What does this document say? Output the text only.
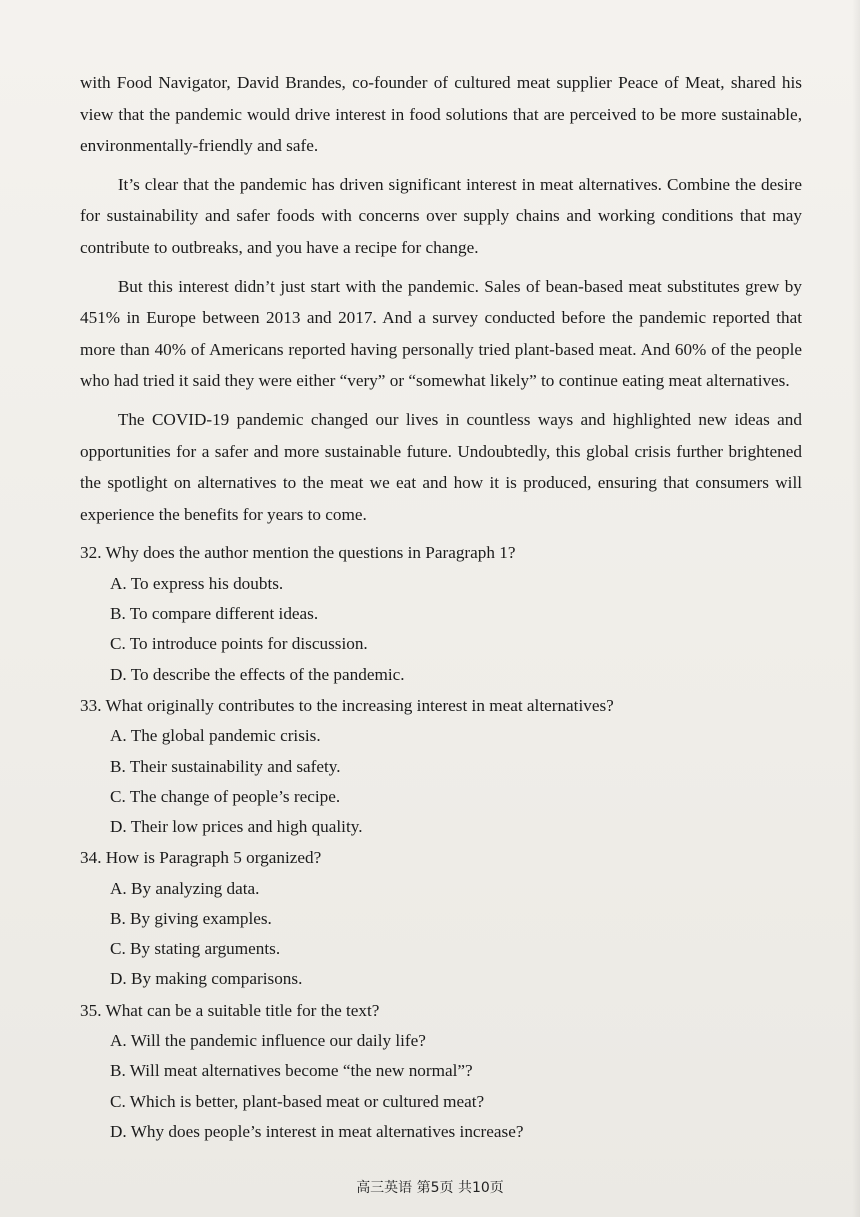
with Food Navigator, David Brandes, co-founder of cultured meat supplier Peace of Meat, shared his view that the pandemic would drive interest in food solutions that are perceived to be more sustainable, environmentally-friendly and safe.

It’s clear that the pandemic has driven significant interest in meat alternatives. Combine the desire for sustainability and safer foods with concerns over supply chains and working conditions that may contribute to outbreaks, and you have a recipe for change.

But this interest didn’t just start with the pandemic. Sales of bean-based meat substitutes grew by 451% in Europe between 2013 and 2017. And a survey conducted before the pandemic reported that more than 40% of Americans reported having personally tried plant-based meat. And 60% of the people who had tried it said they were either “very” or “somewhat likely” to continue eating meat alternatives.

The COVID-19 pandemic changed our lives in countless ways and highlighted new ideas and opportunities for a safer and more sustainable future. Undoubtedly, this global crisis further brightened the spotlight on alternatives to the meat we eat and how it is produced, ensuring that consumers will experience the benefits for years to come.

32. Why does the author mention the questions in Paragraph 1?

A. To express his doubts.
B. To compare different ideas.
C. To introduce points for discussion.
D. To describe the effects of the pandemic.

33. What originally contributes to the increasing interest in meat alternatives?

A. The global pandemic crisis.
B. Their sustainability and safety.
C. The change of people’s recipe.
D. Their low prices and high quality.

34. How is Paragraph 5 organized?

A. By analyzing data.
B. By giving examples.
C. By stating arguments.
D. By making comparisons.

35. What can be a suitable title for the text?

A. Will the pandemic influence our daily life?
B. Will meat alternatives become “the new normal”?
C. Which is better, plant-based meat or cultured meat?
D. Why does people’s interest in meat alternatives increase?
高三英语 第5页 共10页
